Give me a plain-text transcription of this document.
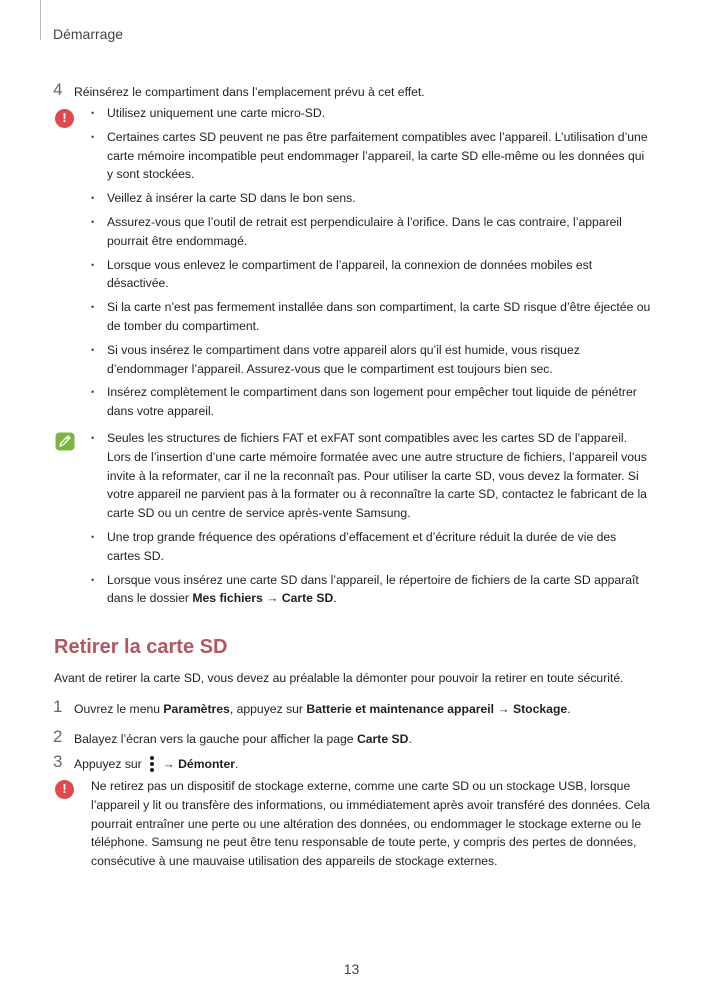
Démarrage
4 Réinsérez le compartiment dans l’emplacement prévu à cet effet.
!
•	Utilisez uniquement une carte micro-SD.
• Certaines cartes SD peuvent ne pas être parfaitement compatibles avec l’appareil. L’utilisation d’une carte mémoire incompatible peut endommager l’appareil, la carte SD elle-même ou les données qui y sont stockées.
• Veillez à insérer la carte SD dans le bon sens.
• Assurez-vous que l’outil de retrait est perpendiculaire à l’orifice. Dans le cas contraire, l’appareil pourrait être endommagé.
• Lorsque vous enlevez le compartiment de l’appareil, la connexion de données mobiles est désactivée.
• Si la carte n’est pas fermement installée dans son compartiment, la carte SD risque d’être éjectée ou de tomber du compartiment.
• Si vous insérez le compartiment dans votre appareil alors qu’il est humide, vous risquez d’endommager l’appareil. Assurez-vous que le compartiment est toujours bien sec.
• Insérez complètement le compartiment dans son logement pour empêcher tout liquide de pénétrer dans votre appareil.
• Seules les structures de fichiers FAT et exFAT sont compatibles avec les cartes SD de l’appareil. Lors de l’insertion d’une carte mémoire formatée avec une autre structure de fichiers, l’appareil vous invite à la reformater, car il ne la reconnaît pas. Pour utiliser la carte SD, vous devez la formater. Si votre appareil ne parvient pas à la formater ou à reconnaître la carte SD, contactez le fabricant de la carte SD ou un centre de service après-vente Samsung.
• Une trop grande fréquence des opérations d’effacement et d’écriture réduit la durée de vie des cartes SD.
• Lorsque vous insérez une carte SD dans l’appareil, le répertoire de fichiers de la carte SD apparaît dans le dossier Mes fichiers → Carte SD.
Retirer la carte SD
Avant de retirer la carte SD, vous devez au préalable la démonter pour pouvoir la retirer en toute sécurité.
1 Ouvrez le menu Paramètres, appuyez sur Batterie et maintenance appareil → Stockage.
2 Balayez l’écran vers la gauche pour afficher la page Carte SD.
3 Appuyez sur
→ Démonter.
!	Ne retirez pas un dispositif de stockage externe, comme une carte SD ou un stockage USB, lorsque l’appareil y lit ou transfère des informations, ou immédiatement après avoir transféré des données. Cela pourrait entraîner une perte ou une altération des données, ou endommager le stockage externe ou le téléphone. Samsung ne peut être tenu responsable de toute perte, y compris des pertes de données, consécutive à une mauvaise utilisation des appareils de stockage externes.
13
